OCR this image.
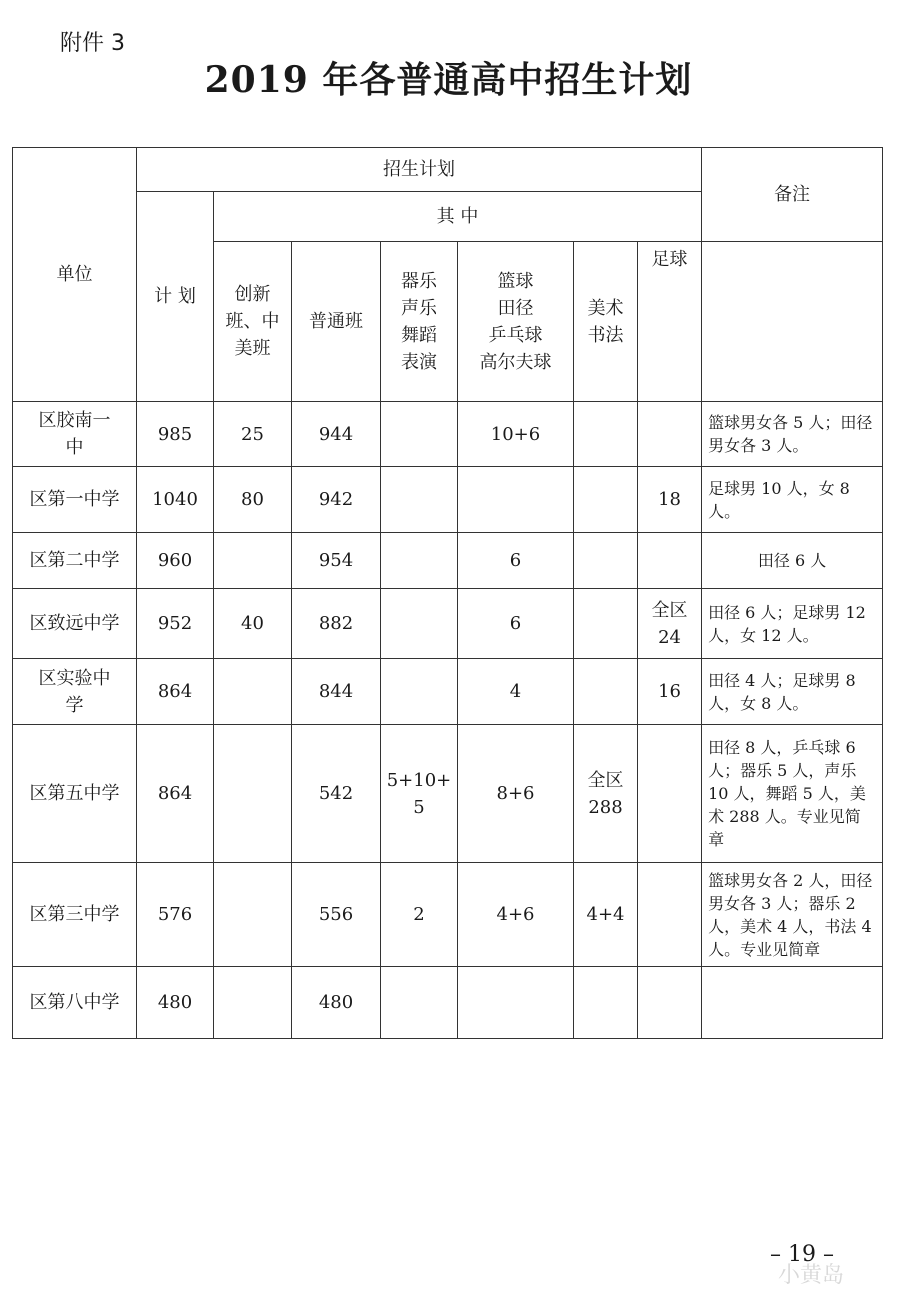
附件 3
2019 年各普通高中招生计划
单位	招生计划							备注
	计 划	其 中						
		创新
班、中
美班	普通班	器乐
声乐
舞蹈
表演	篮球
田径
乒乓球
高尔夫球	美术
书法	足球	

区胶南一
中	985	25	944		10+6			篮球男女各 5 人；田径男女各 3 人。
区第一中学	1040	80	942				18	足球男 10 人，女 8 人。
区第二中学	960		954		6			田径 6 人
区致远中学	952	40	882		6		全区
24	田径 6 人；足球男 12 人，女 12 人。
区实验中
学	864		844		4		16	田径 4 人；足球男 8 人，女 8 人。
区第五中学	864		542	5+10+
5	8+6	全区
288		田径 8 人，乒乓球 6 人；器乐 5 人，声乐 10 人，舞蹈 5 人，美术 288 人。专业见简章
区第三中学	576		556	2	4+6	4+4		篮球男女各 2 人，田径男女各 3 人；器乐 2 人，美术 4 人，书法 4 人。专业见简章
区第八中学	480		480					
– 19 –
小黄岛
